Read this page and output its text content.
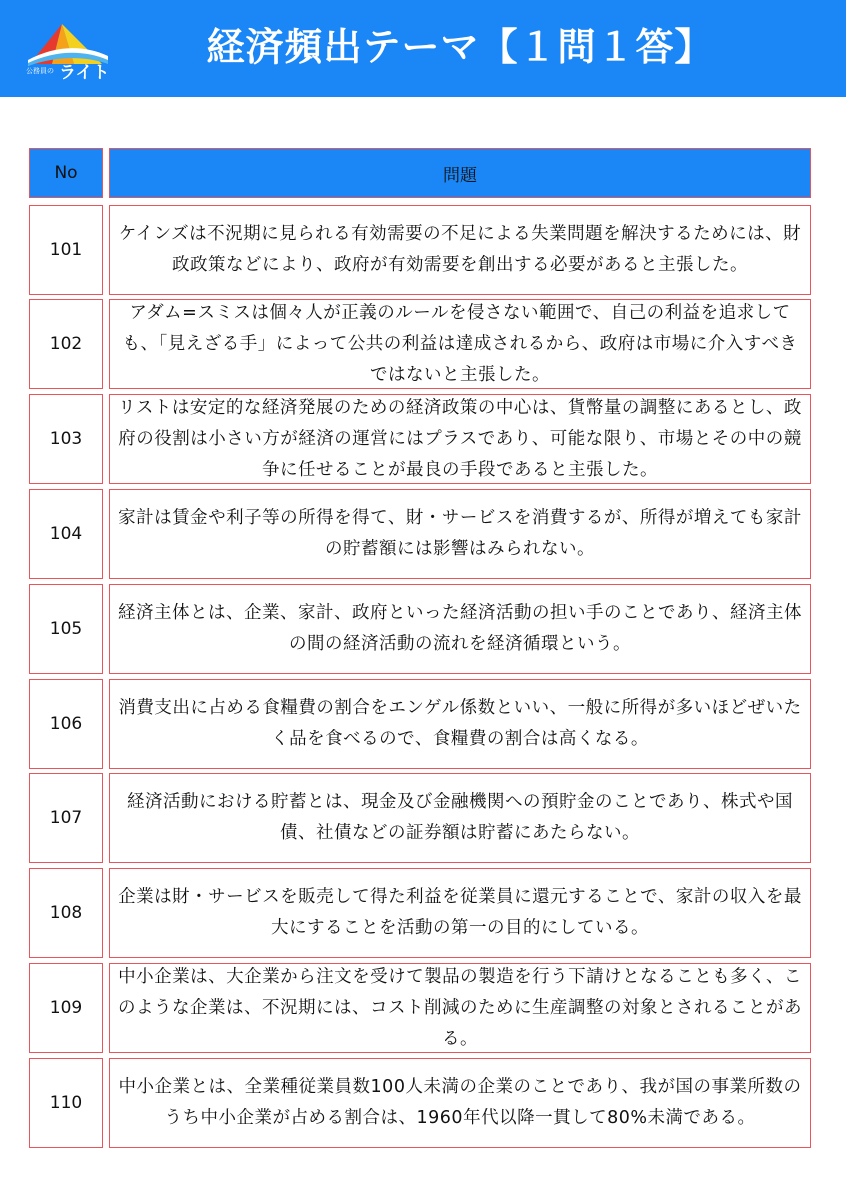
公務員の ライト
経済頻出テーマ【１問１答】
No	問題
101
ケインズは不況期に見られる有効需要の不足による失業問題を解決するためには、財政政策などにより、政府が有効需要を創出する必要があると主張した。
102
アダム=スミスは個々人が正義のルールを侵さない範囲で、自己の利益を追求しても、「見えざる手」によって公共の利益は達成されるから、政府は市場に介入すべきではないと主張した。
103
リストは安定的な経済発展のための経済政策の中心は、貨幣量の調整にあるとし、政府の役割は小さい方が経済の運営にはプラスであり、可能な限り、市場とその中の競争に任せることが最良の手段であると主張した。
104
家計は賃金や利子等の所得を得て、財・サービスを消費するが、所得が増えても家計の貯蓄額には影響はみられない。
105
経済主体とは、企業、家計、政府といった経済活動の担い手のことであり、経済主体の間の経済活動の流れを経済循環という。
106
消費支出に占める食糧費の割合をエンゲル係数といい、一般に所得が多いほどぜいたく品を食べるので、食糧費の割合は高くなる。
107
経済活動における貯蓄とは、現金及び金融機関への預貯金のことであり、株式や国債、社債などの証券額は貯蓄にあたらない。
108
企業は財・サービスを販売して得た利益を従業員に還元することで、家計の収入を最大にすることを活動の第一の目的にしている。
109
中小企業は、大企業から注文を受けて製品の製造を行う下請けとなることも多く、このような企業は、不況期には、コスト削減のために生産調整の対象とされることがある。
110
中小企業とは、全業種従業員数100人未満の企業のことであり、我が国の事業所数のうち中小企業が占める割合は、1960年代以降一貫して80%未満である。
